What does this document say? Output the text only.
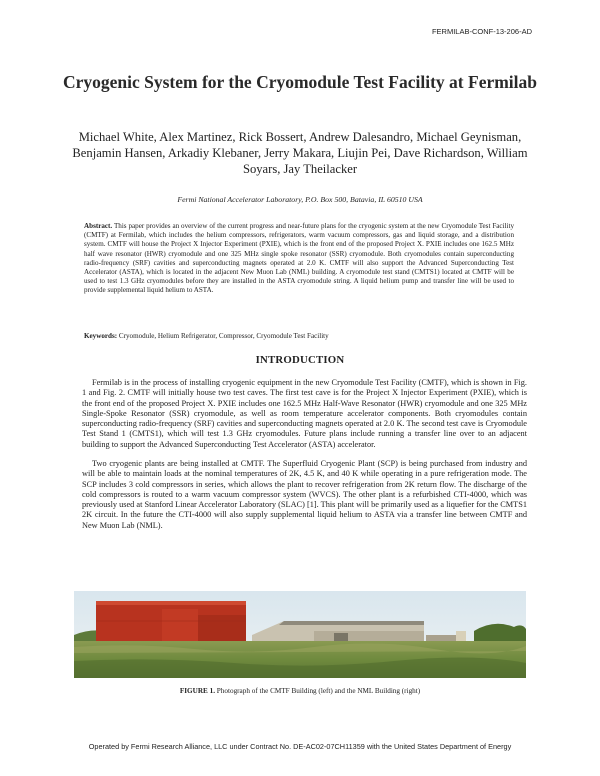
FERMILAB-CONF-13-206-AD
Cryogenic System for the Cryomodule Test Facility at Fermilab
Michael White, Alex Martinez, Rick Bossert, Andrew Dalesandro, Michael Geynisman, Benjamin Hansen, Arkadiy Klebaner, Jerry Makara, Liujin Pei, Dave Richardson, William Soyars, Jay Theilacker
Fermi National Accelerator Laboratory, P.O. Box 500, Batavia, IL 60510 USA
Abstract. This paper provides an overview of the current progress and near-future plans for the cryogenic system at the new Cryomodule Test Facility (CMTF) at Fermilab, which includes the helium compressors, refrigerators, warm vacuum compressors, gas and liquid storage, and a distribution system. CMTF will house the Project X Injector Experiment (PXIE), which is the front end of the proposed Project X. PXIE includes one 162.5 MHz half wave resonator (HWR) cryomodule and one 325 MHz single spoke resonator (SSR) cryomodule. Both cryomodules contain superconducting radio-frequency (SRF) cavities and superconducting magnets operated at 2.0 K. CMTF will also support the Advanced Superconducting Test Accelerator (ASTA), which is located in the adjacent New Muon Lab (NML) building. A cryomodule test stand (CMTS1) located at CMTF will be used to test 1.3 GHz cryomodules before they are installed in the ASTA cryomodule string. A liquid helium pump and transfer line will be used to provide supplemental liquid helium to ASTA.
Keywords: Cryomodule, Helium Refrigerator, Compressor, Cryomodule Test Facility
INTRODUCTION

Fermilab is in the process of installing cryogenic equipment in the new Cryomodule Test Facility (CMTF), which is shown in Fig. 1 and Fig. 2. CMTF will initially house two test caves. The first test cave is for the Project X Injector Experiment (PXIE), which is the front end of the proposed Project X. PXIE includes one 162.5 MHz Half-Wave Resonator (HWR) cryomodule and one 325 MHz Single-Spoke Resonator (SSR) cryomodule, as well as room temperature accelerator components. Both cryomodules contain superconducting radio-frequency (SRF) cavities and superconducting magnets operated at 2.0 K. The second test cave is Cryomodule Test Stand 1 (CMTS1), which will test 1.3 GHz cryomodules. Future plans include running a transfer line over to an adjacent building to support the Advanced Superconducting Test Accelerator (ASTA) accelerator.

Two cryogenic plants are being installed at CMTF. The Superfluid Cryogenic Plant (SCP) is being purchased from industry and will be able to maintain loads at the nominal temperatures of 2K, 4.5 K, and 40 K while operating in a pure refrigeration mode. The SCP includes 3 cold compressors in series, which allows the plant to recover refrigeration from 2K return flow. The discharge of the cold compressors is routed to a warm vacuum compressor system (WVCS). The other plant is a refurbished CTI-4000, which was previously used at Stanford Linear Accelerator Laboratory (SLAC) [1]. This plant will be primarily used as a liquefier for the CMTS1 2K circuit. In the future the CTI-4000 will also supply supplemental liquid helium to ASTA via a transfer line between CMTF and New Muon Lab (NML).

FIGURE 1. Photograph of the CMTF Building (left) and the NML Building (right)
Operated by Fermi Research Alliance, LLC under Contract No. DE-AC02-07CH11359 with the United States Department of Energy
